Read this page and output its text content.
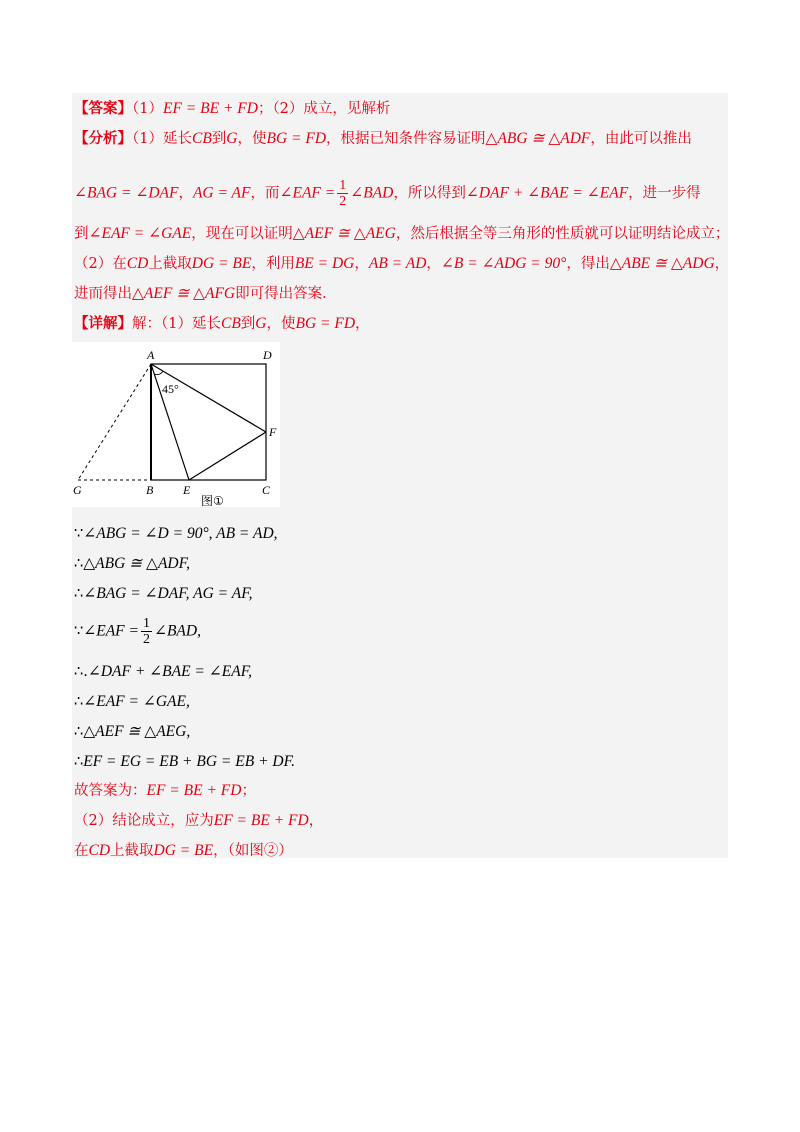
【答案】（1）EF = BE + FD；（2）成立，见解析
【分析】（1）延长CB到G，使BG = FD，根据已知条件容易证明△ABG ≅ △ADF，由此可以推出
∠BAG = ∠DAF，AG = AF，而∠EAF = $\frac{1}{2}$ ∠BAD，所以得到∠DAF + ∠BAE = ∠EAF，进一步得
到∠EAF = ∠GAE，现在可以证明△AEF ≅ △AEG，然后根据全等三角形的性质就可以证明结论成立；
（2）在CD上截取DG = BE，利用BE = DG，AB = AD，∠B = ∠ADG = 90°，得出△ABE ≅ △ADG，
进而得出△AEF ≅ △AFG即可得出答案.
【详解】解：（1）延长CB到G，使BG = FD，
A	D
F
G	B E	C
45°
图①
∵∠ABG = ∠D = 90°, AB = AD,
∴△ABG ≅ △ADF,
∴∠BAG = ∠DAF, AG = AF,
∵∠EAF = $\frac{1}{2}$ ∠BAD,
∴.∠DAF + ∠BAE = ∠EAF,
∴∠EAF = ∠GAE,
∴△AEF ≅ △AEG,
∴EF = EG = EB + BG = EB + DF.
故答案为：EF = BE + FD；
（2）结论成立，应为EF = BE + FD，
在CD上截取DG = BE，（如图②）
